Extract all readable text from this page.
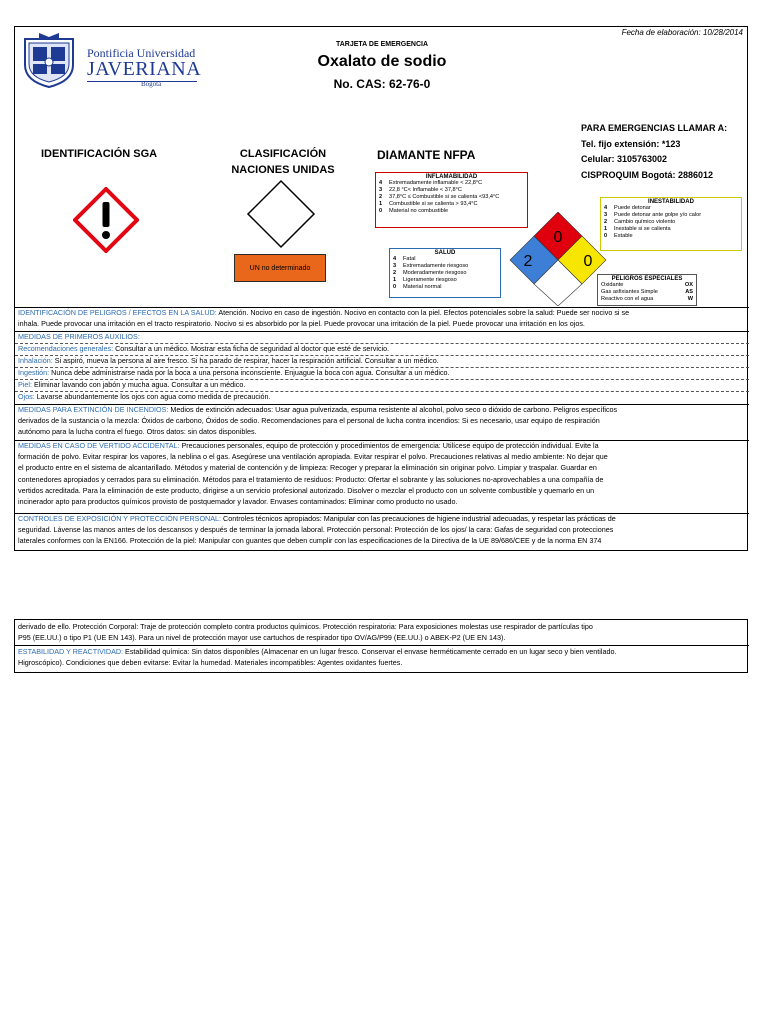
Fecha de elaboración: 10/28/2014
Pontificia Universidad
JAVERIANA
Bogotá
TARJETA DE EMERGENCIA
Oxalato de sodio
No. CAS: 62-76-0
IDENTIFICACIÓN SGA	CLASIFICACIÓN
NACIONES UNIDAS
DIAMANTE NFPA
UN no determinado
PARA EMERGENCIAS LLAMAR A:
Tel. fijo extensión: *123
Celular: 3105763002
CISPROQUIM Bogotá: 2886012
INFLAMABILIDAD
4 Extremadamente inflamable < 22,8°C
3 22,8 °C< Inflamable < 37,8°C
2 37,8°C ≤ Combustible si se calienta <93,4°C
1 Combustible si se calienta > 93,4°C
0 Material no combustible
INESTABILIDAD
4 Puede detonar
3 Puede detonar ante golpe y/o calor
2 Cambio químico violento
1 Inestable si se calienta
0 Estable
SALUD
4 Fatal
3 Extremadamente riesgoso
2 Moderadamente riesgoso
1 Ligeramente riesgoso
0 Material normal
PELIGROS ESPECIALES
Oxidante	OX
Gas asfixiantes Simple	AS
Reactivo con el agua	W
0
2	0
IDENTIFICACIÓN DE PELIGROS / EFECTOS EN LA SALUD: Atención. Nocivo en caso de ingestión. Nocivo en contacto con la piel. Efectos potenciales sobre la salud: Puede ser nocivo si se
inhala. Puede provocar una irritación en el tracto respiratorio. Nocivo si es absorbido por la piel. Puede provocar una irritación de la piel. Puede provocar una irritación en los ojos.
MEDIDAS DE PRIMEROS AUXILIOS:
Recomendaciones generales: Consultar a un médico. Mostrar esta ficha de seguridad al doctor que esté de servicio.
Inhalación: Si aspiró, mueva la persona al aire fresco. Si ha parado de respirar, hacer la respiración artificial. Consultar a un médico.
Ingestión: Nunca debe administrarse nada por la boca a una persona inconsciente. Enjuague la boca con agua. Consultar a un médico.
Piel: Eliminar lavando con jabón y mucha agua. Consultar a un médico.
Ojos: Lavarse abundantemente los ojos con agua como medida de precaución.
MEDIDAS PARA EXTINCIÓN DE INCENDIOS: Medios de extinción adecuados: Usar agua pulverizada, espuma resistente al alcohol, polvo seco o dióxido de carbono. Peligros específicos
derivados de la sustancia o la mezcla: Óxidos de carbono, Óxidos de sodio. Recomendaciones para el personal de lucha contra incendios: Si es necesario, usar equipo de respiración
autónomo para la lucha contra el fuego. Otros datos: sin datos disponibles.
MEDIDAS EN CASO DE VERTIDO ACCIDENTAL: Precauciones personales, equipo de protección y procedimientos de emergencia: Utilícese equipo de protección individual. Evite la
formación de polvo. Evitar respirar los vapores, la neblina o el gas. Asegúrese una ventilación apropiada. Evitar respirar el polvo. Precauciones relativas al medio ambiente: No dejar que
el producto entre en el sistema de alcantarillado. Métodos y material de contención y de limpieza: Recoger y preparar la eliminación sin originar polvo. Limpiar y traspalar. Guardar en
contenedores apropiados y cerrados para su eliminación. Métodos para el tratamiento de residuos: Producto: Ofertar el sobrante y las soluciones no-aprovechables a una compañía de
vertidos acreditada. Para la eliminación de este producto, dirigirse a un servicio profesional autorizado. Disolver o mezclar el producto con un solvente combustible y quemarlo en un
incinerador apto para productos químicos provisto de postquemador y lavador. Envases contaminados: Eliminar como producto no usado.
CONTROLES DE EXPOSICIÓN Y PROTECCIÓN PERSONAL: Controles técnicos apropiados: Manipular con las precauciones de higiene industrial adecuadas, y respetar las prácticas de
seguridad. Lávense las manos antes de los descansos y después de terminar la jornada laboral. Protección personal: Protección de los ojos/ la cara: Gafas de seguridad con protecciones
laterales conformes con la EN166. Protección de la piel: Manipular con guantes que deben cumplir con las especificaciones de la Directiva de la UE 89/686/CEE y de la norma EN 374
derivado de ello. Protección Corporal: Traje de protección completo contra productos químicos. Protección respiratoria: Para exposiciones molestas use respirador de partículas tipo
P95 (EE.UU.) o tipo P1 (UE EN 143). Para un nivel de protección mayor use cartuchos de respirador tipo OV/AG/P99 (EE.UU.) o ABEK-P2 (UE EN 143).
ESTABILIDAD Y REACTIVIDAD: Estabilidad química: Sin datos disponibles (Almacenar en un lugar fresco. Conservar el envase herméticamente cerrado en un lugar seco y bien ventilado.
Higroscópico). Condiciones que deben evitarse: Evitar la humedad. Materiales incompatibles: Agentes oxidantes fuertes.
